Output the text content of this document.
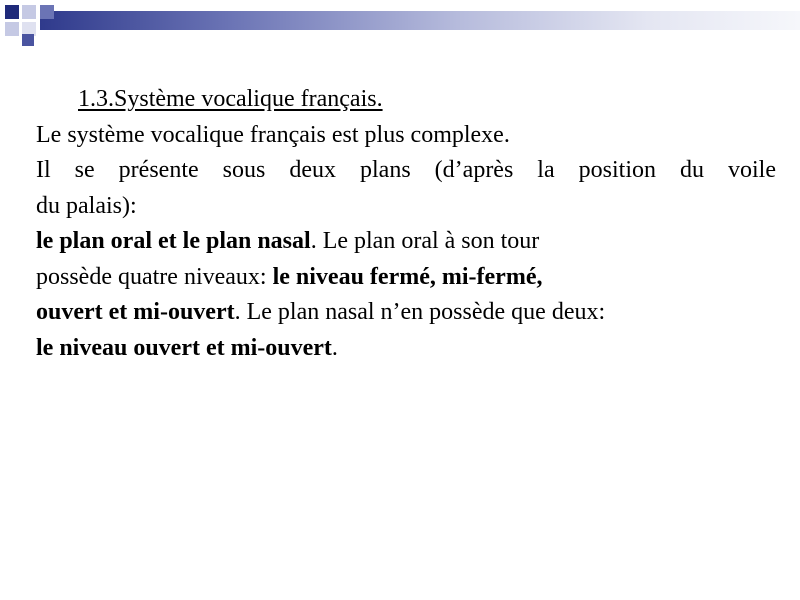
1.3.Système vocalique français.
Le système vocalique français est plus complexe.
Il se présente sous deux plans (d’après la position du voile
du palais):
le plan oral et le plan nasal. Le plan oral à son tour
possède quatre niveaux: le niveau fermé, mi-fermé,
ouvert et mi-ouvert. Le plan nasal n’en possède que deux:
le niveau ouvert et mi-ouvert.
